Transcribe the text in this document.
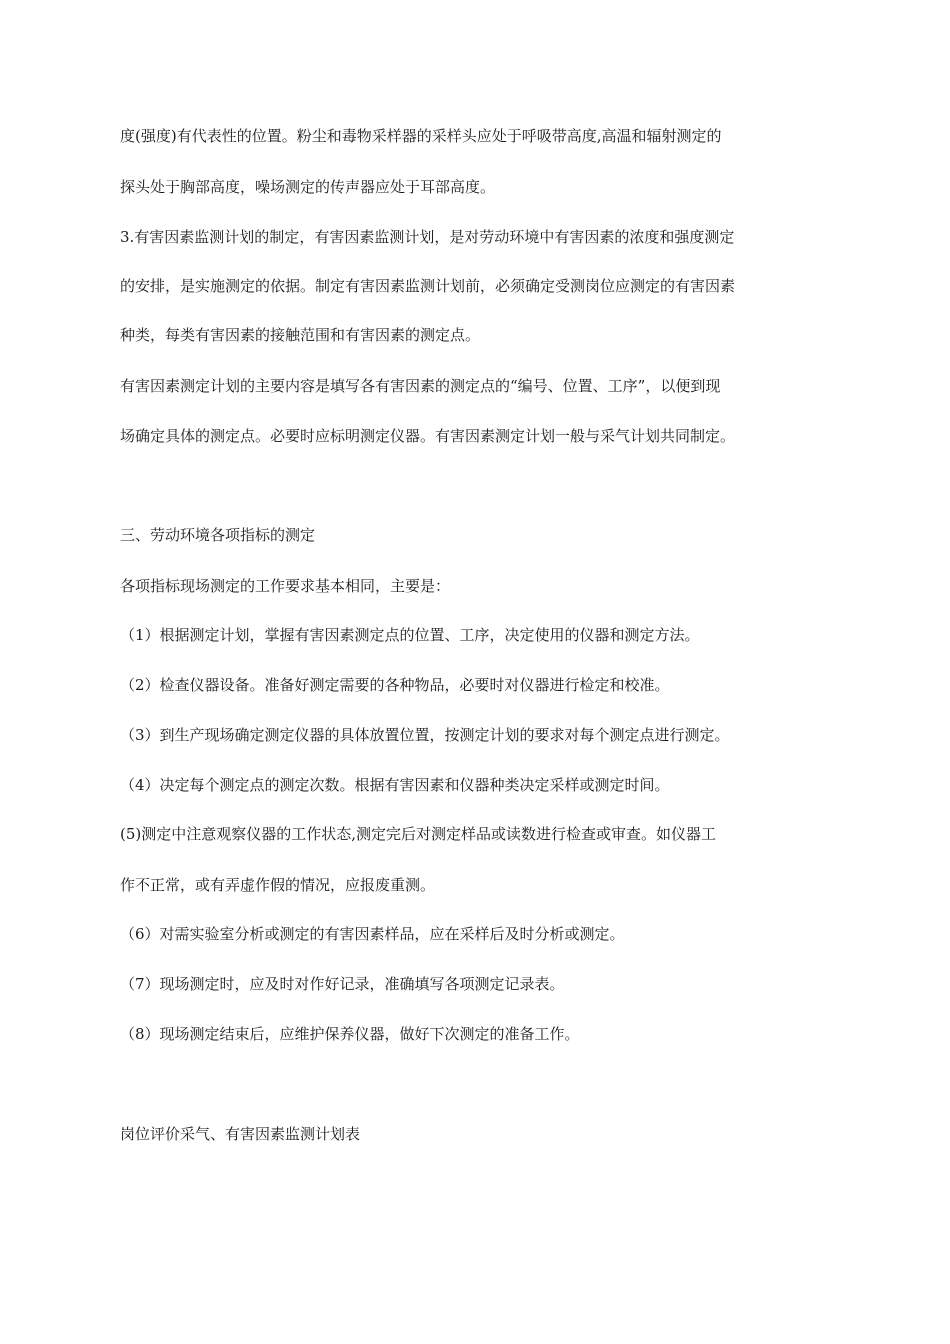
度(强度)有代表性的位置。粉尘和毒物采样器的采样头应处于呼吸带高度,高温和辐射测定的
探头处于胸部高度，噪场测定的传声器应处于耳部高度。
3.有害因素监测计划的制定，有害因素监测计划，是对劳动环境中有害因素的浓度和强度测定
的安排，是实施测定的依据。制定有害因素监测计划前，必须确定受测岗位应测定的有害因素
种类，每类有害因素的接触范围和有害因素的测定点。
有害因素测定计划的主要内容是填写各有害因素的测定点的“编号、位置、工序”，以便到现
场确定具体的测定点。必要时应标明测定仪器。有害因素测定计划一般与采气计划共同制定。
三、劳动环境各项指标的测定
各项指标现场测定的工作要求基本相同，主要是：
（1）根据测定计划，掌握有害因素测定点的位置、工序，决定使用的仪器和测定方法。
（2）检查仪器设备。准备好测定需要的各种物品，必要时对仪器进行检定和校准。
（3）到生产现场确定测定仪器的具体放置位置，按测定计划的要求对每个测定点进行测定。
（4）决定每个测定点的测定次数。根据有害因素和仪器种类决定采样或测定时间。
(5)测定中注意观察仪器的工作状态,测定完后对测定样品或读数进行检查或审查。如仪器工
作不正常，或有弄虚作假的情况，应报废重测。
（6）对需实验室分析或测定的有害因素样品，应在采样后及时分析或测定。
（7）现场测定时，应及时对作好记录，准确填写各项测定记录表。
（8）现场测定结束后，应维护保养仪器，做好下次测定的准备工作。
岗位评价采气、有害因素监测计划表
